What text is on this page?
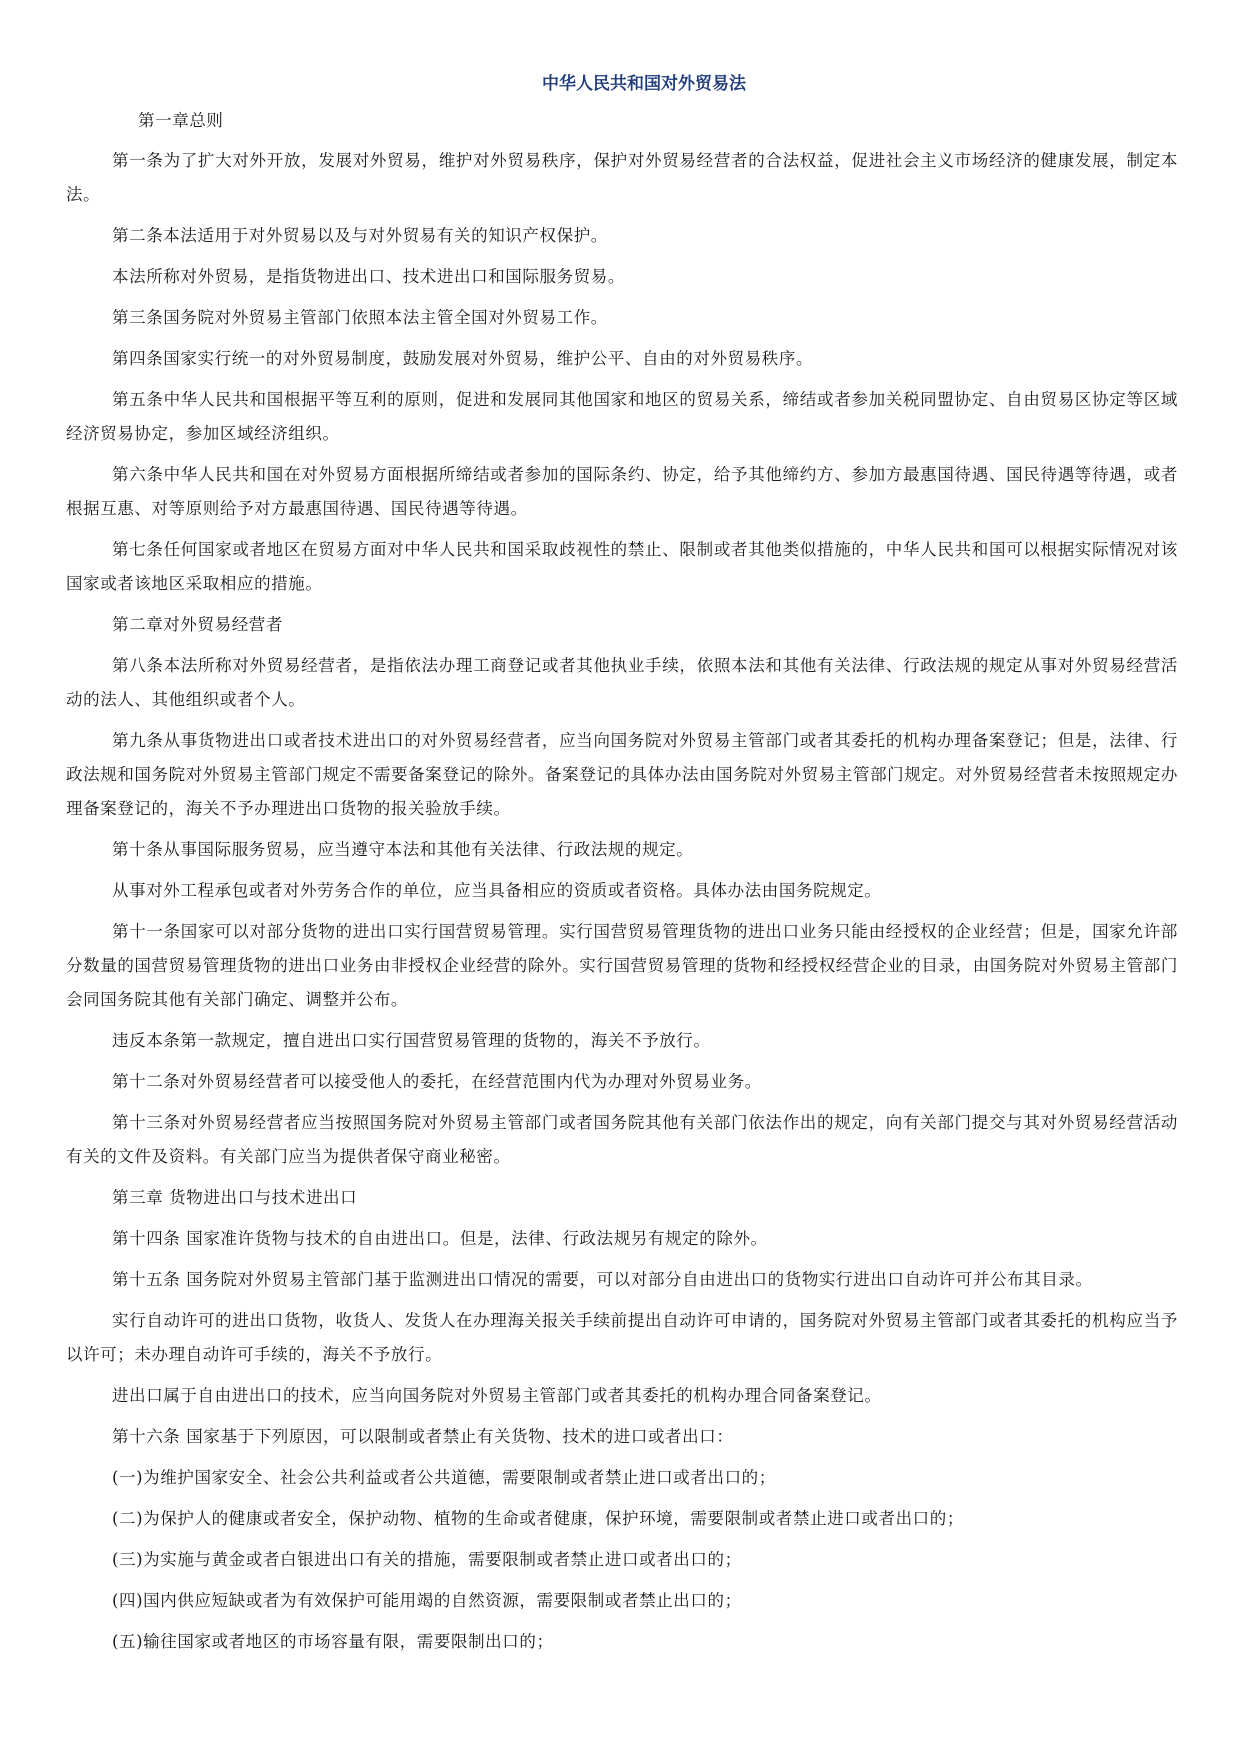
中华人民共和国对外贸易法

第一章总则

第一条为了扩大对外开放，发展对外贸易，维护对外贸易秩序，保护对外贸易经营者的合法权益，促进社会主义市场经济的健康发展，制定本法。

第二条本法适用于对外贸易以及与对外贸易有关的知识产权保护。

本法所称对外贸易，是指货物进出口、技术进出口和国际服务贸易。

第三条国务院对外贸易主管部门依照本法主管全国对外贸易工作。

第四条国家实行统一的对外贸易制度，鼓励发展对外贸易，维护公平、自由的对外贸易秩序。

第五条中华人民共和国根据平等互利的原则，促进和发展同其他国家和地区的贸易关系，缔结或者参加关税同盟协定、自由贸易区协定等区域经济贸易协定，参加区域经济组织。

第六条中华人民共和国在对外贸易方面根据所缔结或者参加的国际条约、协定，给予其他缔约方、参加方最惠国待遇、国民待遇等待遇，或者根据互惠、对等原则给予对方最惠国待遇、国民待遇等待遇。

第七条任何国家或者地区在贸易方面对中华人民共和国采取歧视性的禁止、限制或者其他类似措施的，中华人民共和国可以根据实际情况对该国家或者该地区采取相应的措施。

第二章对外贸易经营者

第八条本法所称对外贸易经营者，是指依法办理工商登记或者其他执业手续，依照本法和其他有关法律、行政法规的规定从事对外贸易经营活动的法人、其他组织或者个人。

第九条从事货物进出口或者技术进出口的对外贸易经营者，应当向国务院对外贸易主管部门或者其委托的机构办理备案登记；但是，法律、行政法规和国务院对外贸易主管部门规定不需要备案登记的除外。备案登记的具体办法由国务院对外贸易主管部门规定。对外贸易经营者未按照规定办理备案登记的，海关不予办理进出口货物的报关验放手续。

第十条从事国际服务贸易，应当遵守本法和其他有关法律、行政法规的规定。

从事对外工程承包或者对外劳务合作的单位，应当具备相应的资质或者资格。具体办法由国务院规定。

第十一条国家可以对部分货物的进出口实行国营贸易管理。实行国营贸易管理货物的进出口业务只能由经授权的企业经营；但是，国家允许部分数量的国营贸易管理货物的进出口业务由非授权企业经营的除外。实行国营贸易管理的货物和经授权经营企业的目录，由国务院对外贸易主管部门会同国务院其他有关部门确定、调整并公布。

违反本条第一款规定，擅自进出口实行国营贸易管理的货物的，海关不予放行。

第十二条对外贸易经营者可以接受他人的委托，在经营范围内代为办理对外贸易业务。

第十三条对外贸易经营者应当按照国务院对外贸易主管部门或者国务院其他有关部门依法作出的规定，向有关部门提交与其对外贸易经营活动有关的文件及资料。有关部门应当为提供者保守商业秘密。

第三章 货物进出口与技术进出口

第十四条 国家准许货物与技术的自由进出口。但是，法律、行政法规另有规定的除外。

第十五条 国务院对外贸易主管部门基于监测进出口情况的需要，可以对部分自由进出口的货物实行进出口自动许可并公布其目录。

实行自动许可的进出口货物，收货人、发货人在办理海关报关手续前提出自动许可申请的，国务院对外贸易主管部门或者其委托的机构应当予以许可；未办理自动许可手续的，海关不予放行。

进出口属于自由进出口的技术，应当向国务院对外贸易主管部门或者其委托的机构办理合同备案登记。

第十六条 国家基于下列原因，可以限制或者禁止有关货物、技术的进口或者出口：

(一)为维护国家安全、社会公共利益或者公共道德，需要限制或者禁止进口或者出口的；

(二)为保护人的健康或者安全，保护动物、植物的生命或者健康，保护环境，需要限制或者禁止进口或者出口的；

(三)为实施与黄金或者白银进出口有关的措施，需要限制或者禁止进口或者出口的；

(四)国内供应短缺或者为有效保护可能用竭的自然资源，需要限制或者禁止出口的；

(五)输往国家或者地区的市场容量有限，需要限制出口的；
